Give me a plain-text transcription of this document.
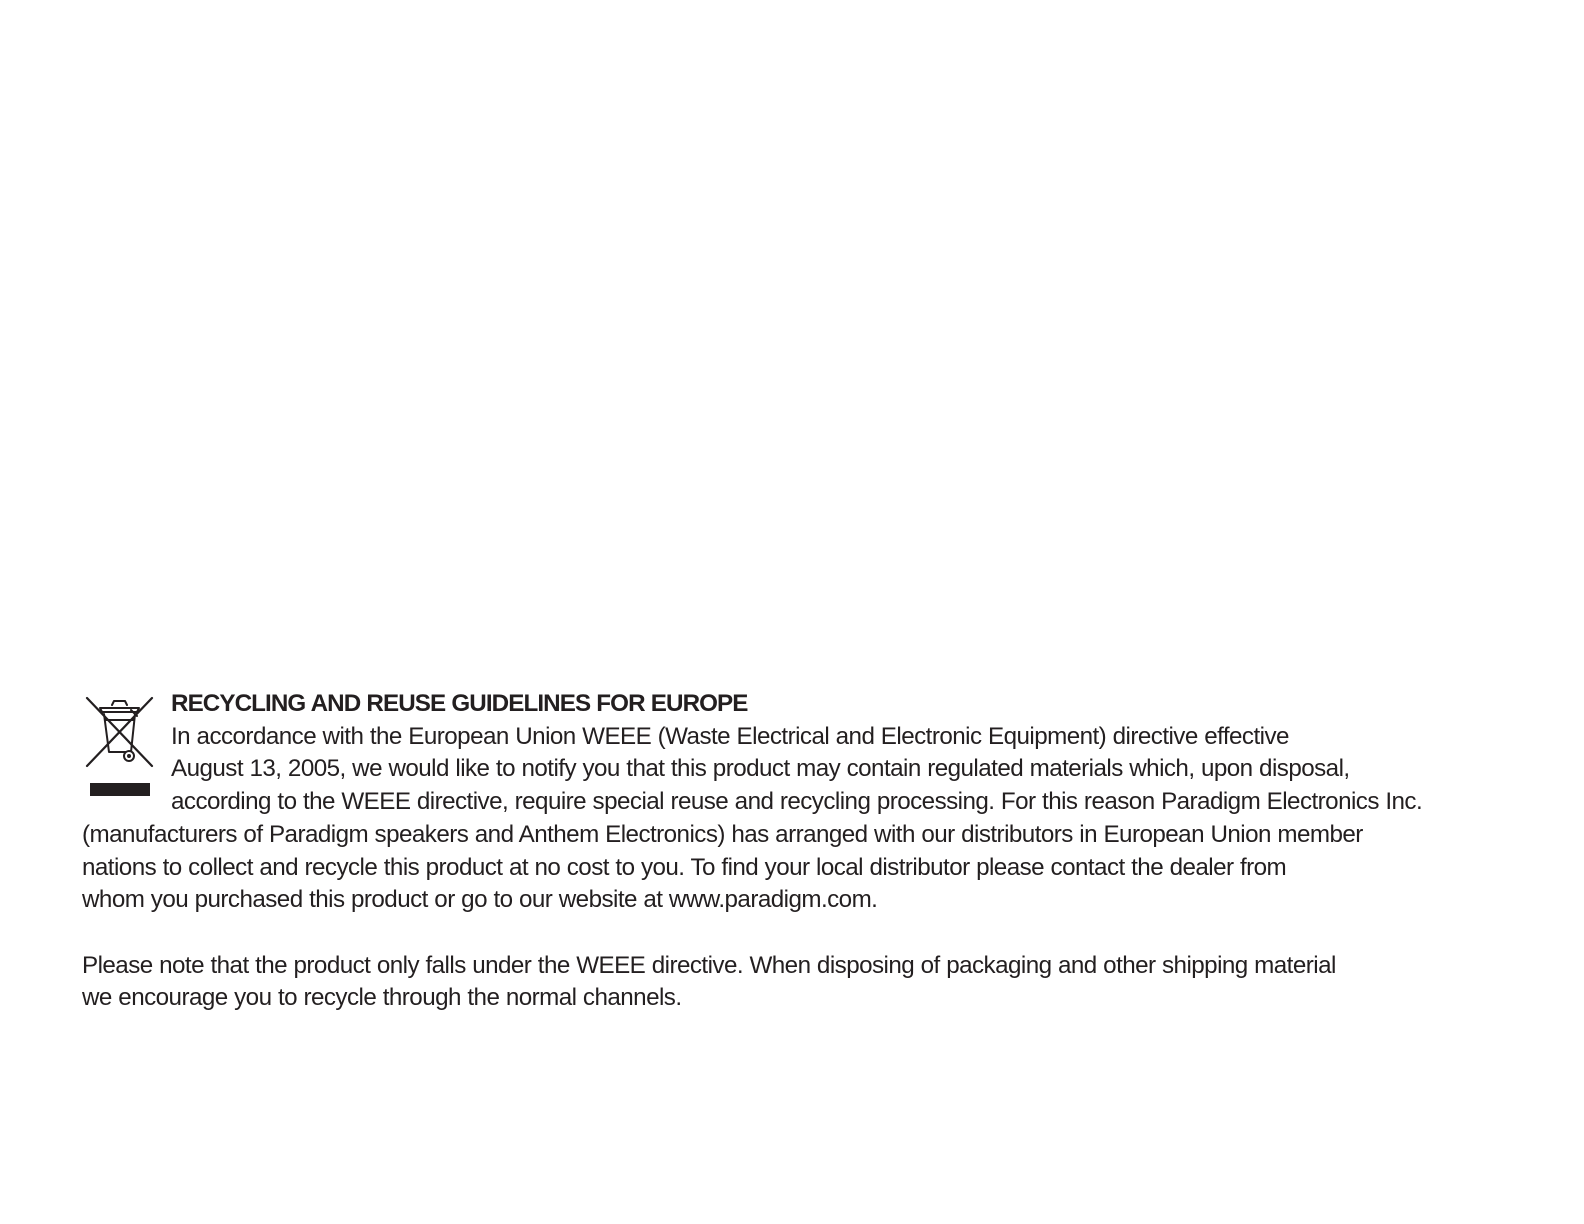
RECYCLING AND REUSE GUIDELINES FOR EUROPE
In accordance with the European Union WEEE (Waste Electrical and Electronic Equipment) directive effective
August 13, 2005, we would like to notify you that this product may contain regulated materials which, upon disposal,
according to the WEEE directive, require special reuse and recycling processing. For this reason Paradigm Electronics Inc.
(manufacturers of Paradigm speakers and Anthem Electronics) has arranged with our distributors in European Union member
nations to collect and recycle this product at no cost to you. To find your local distributor please contact the dealer from
whom you purchased this product or go to our website at www.paradigm.com.
Please note that the product only falls under the WEEE directive. When disposing of packaging and other shipping material
we encourage you to recycle through the normal channels.
